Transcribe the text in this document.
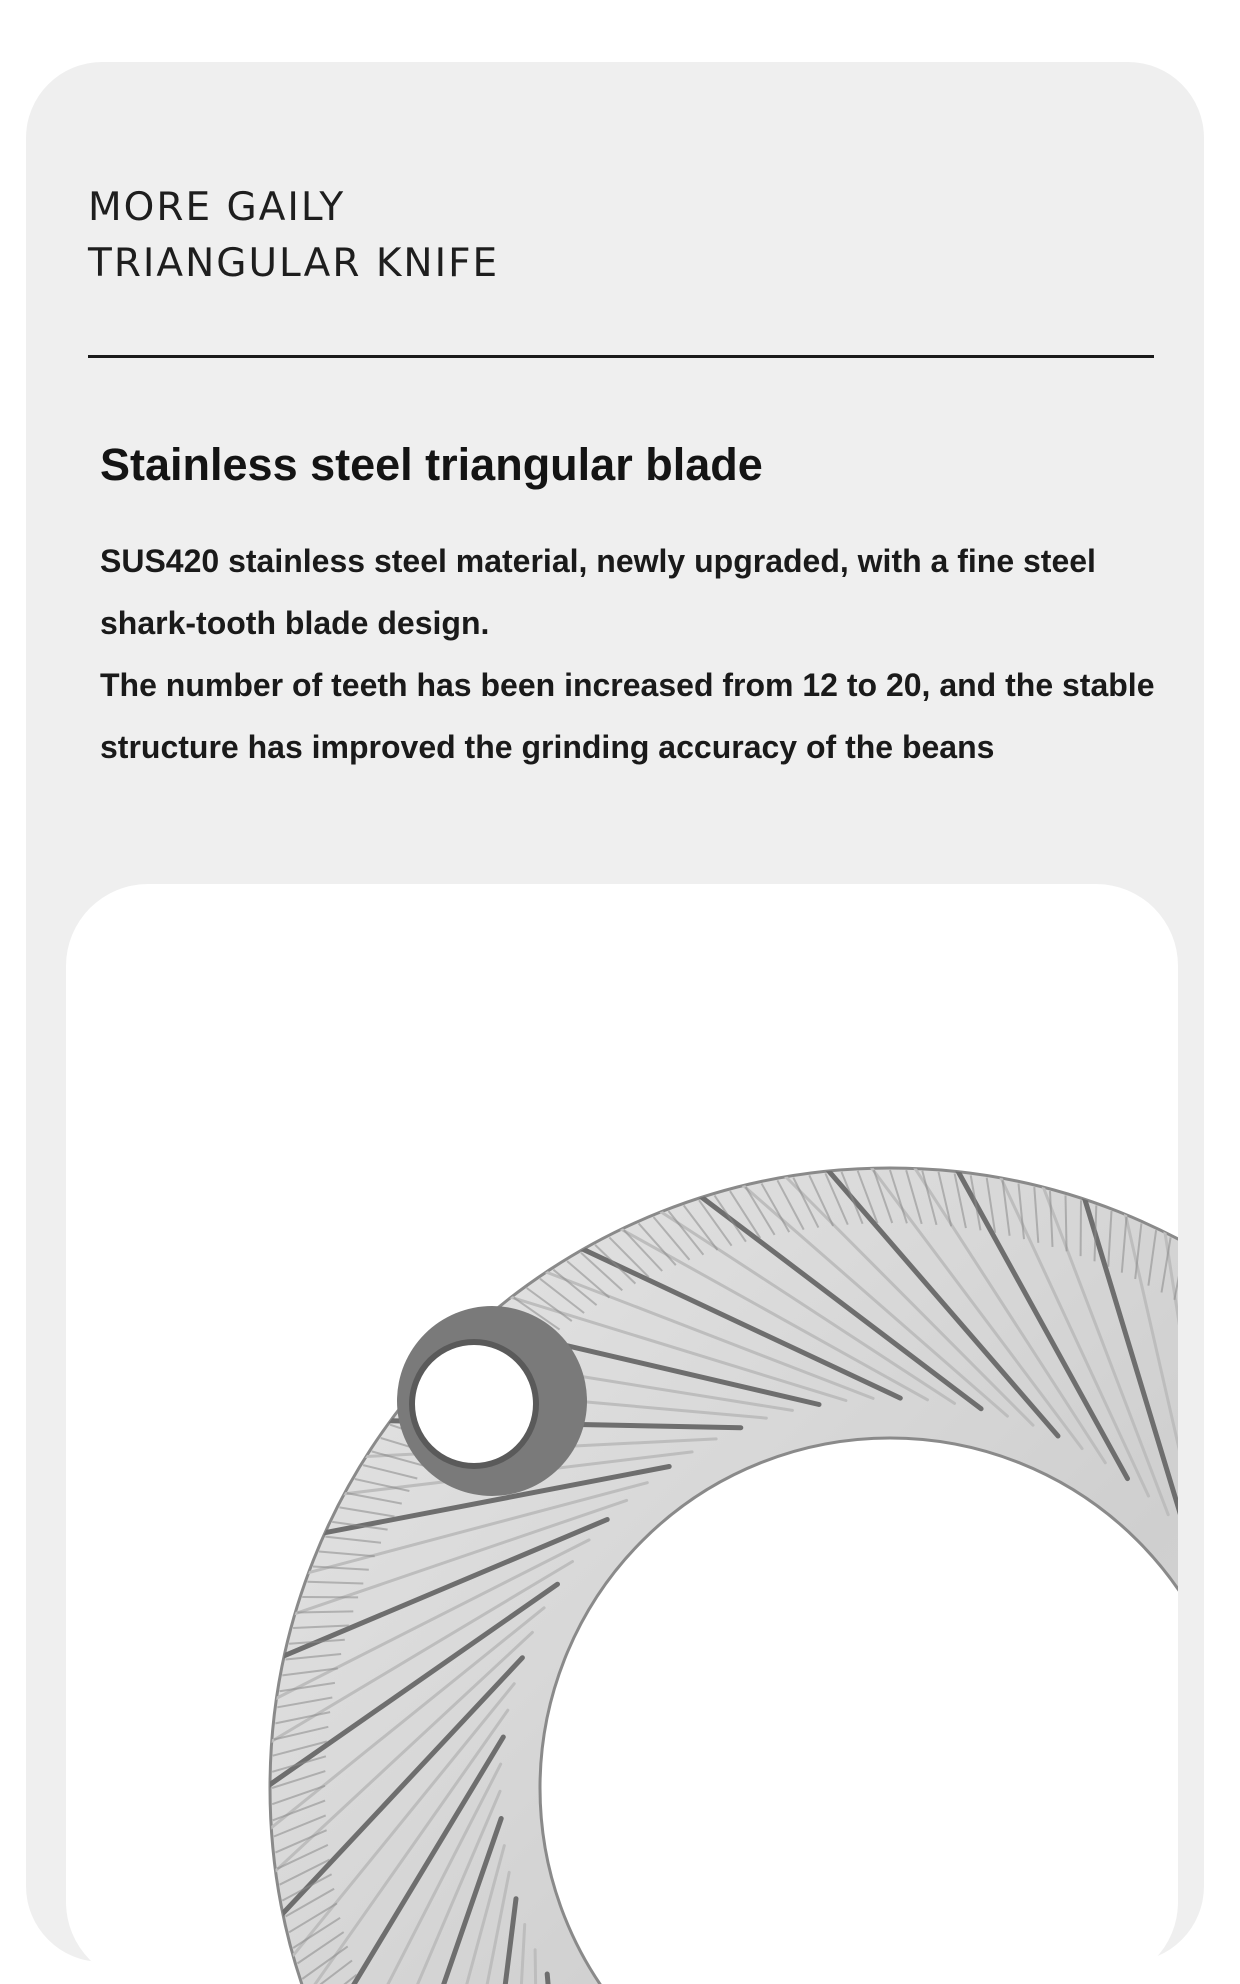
MORE GAILY
TRIANGULAR KNIFE
Stainless steel triangular blade

SUS420 stainless steel material, newly upgraded, with a fine steel shark-tooth blade design.

The number of teeth has been increased from 12 to 20, and the stable structure has improved the grinding accuracy of the beans
